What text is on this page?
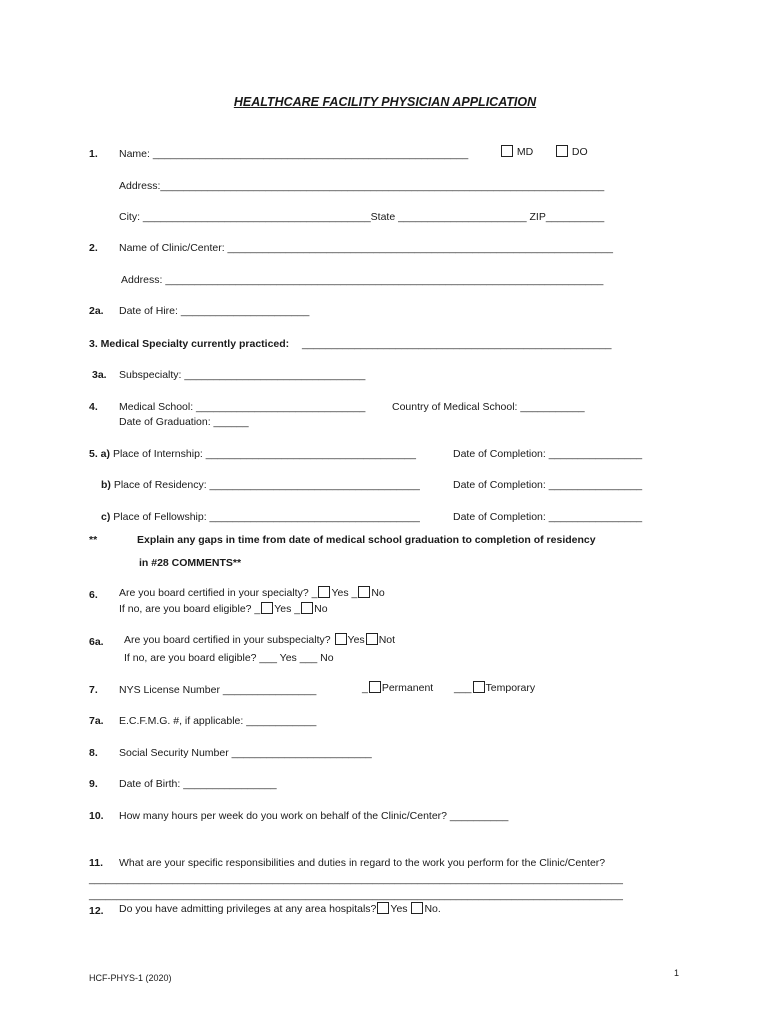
HEALTHCARE FACILITY PHYSICIAN APPLICATION
1. Name: ______________________________________________________	MD	DO
Address:____________________________________________________________________________
City: _______________________________________State ______________________ ZIP__________
2. Name of Clinic/Center: __________________________________________________________________
Address: ___________________________________________________________________________
2a. Date of Hire: ______________________
3. Medical Specialty currently practiced: _____________________________________________________
3a. Subspecialty: _______________________________
4. Medical School: _____________________________	Country of Medical School: ___________
Date of Graduation: ______
5. a) Place of Internship: ____________________________________	Date of Completion: ________________
b) Place of Residency: ____________________________________	Date of Completion: ________________
c) Place of Fellowship: ____________________________________	Date of Completion: ________________
**	Explain any gaps in time from date of medical school graduation to completion of residency
in #28 COMMENTS**
6. Are you board certified in your specialty? _ Yes _ No
If no, are you board eligible? _ Yes _ No
6a. Are you board certified in your subspecialty? Yes Not
If no, are you board eligible? ___ Yes ___ No
7. NYS License Number ________________	_ Permanent ___ Temporary
7a. E.C.F.M.G. #, if applicable: ____________
8. Social Security Number ________________________
9. Date of Birth: ________________
10. How many hours per week do you work on behalf of the Clinic/Center? __________
11. What are your specific responsibilities and duties in regard to the work you perform for the Clinic/Center?
________________________________________________________________________________________________
________________________________________________________________________________________________
12. Do you have admitting privileges at any area hospitals? Yes No.
HCF-PHYS-1 (2020)	1
